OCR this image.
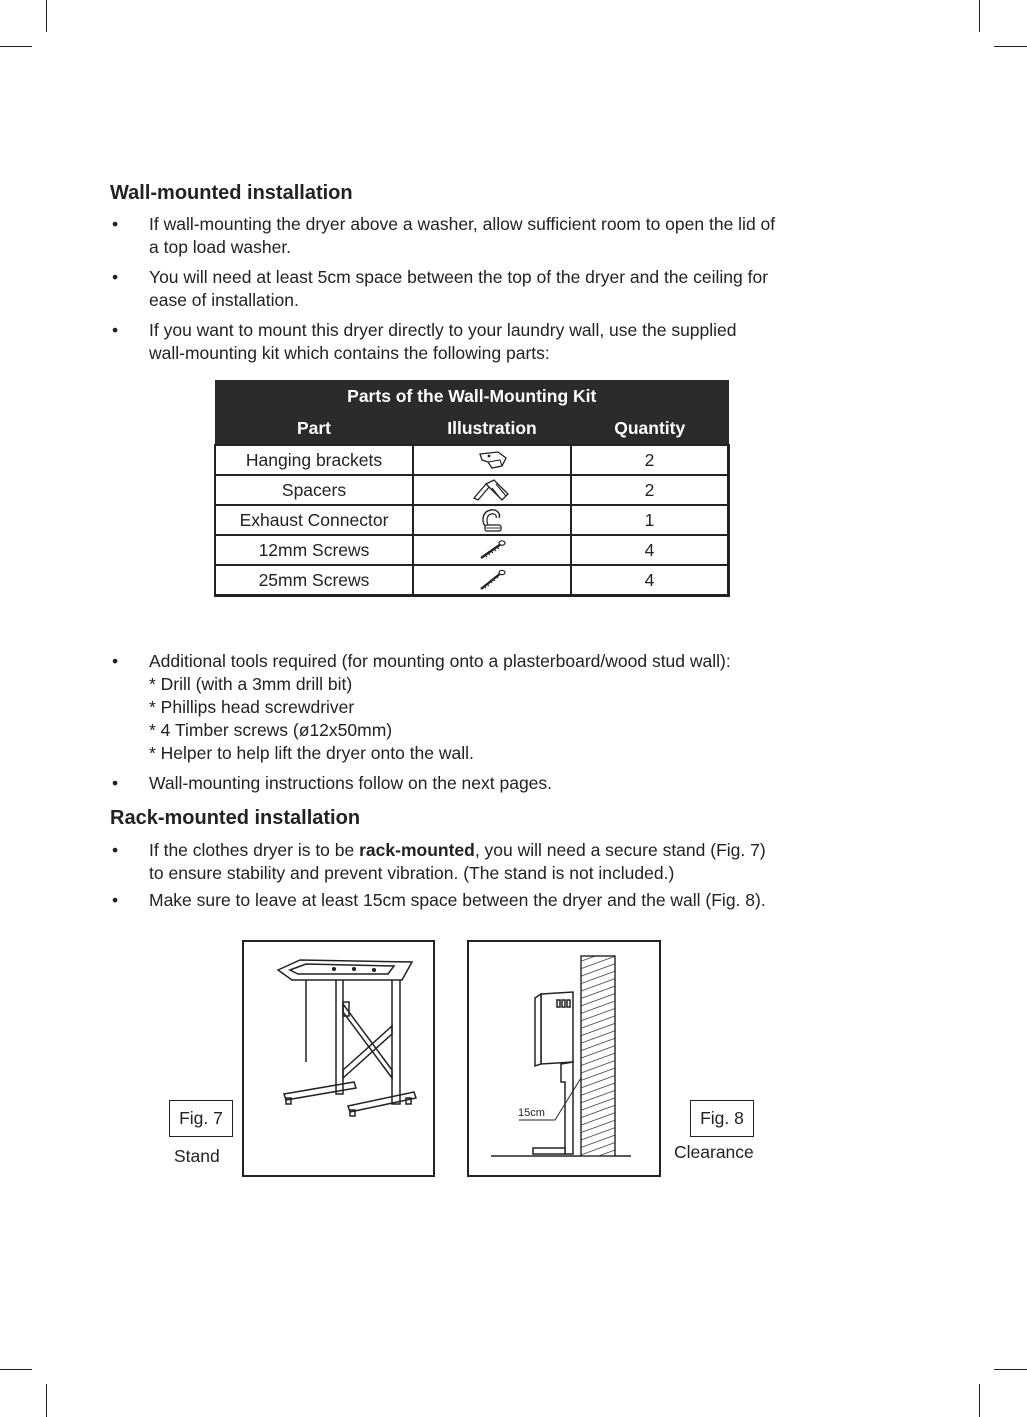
Wall-mounted installation
• If wall-mounting the dryer above a washer, allow sufficient room to open the lid of
a top load washer.
• You will need at least 5cm space between the top of the dryer and the ceiling for
ease of installation.
• If you want to mount this dryer directly to your laundry wall, use the supplied
wall-mounting kit which contains the following parts:
Parts of the Wall-Mounting Kit		
Part	Illustration	Quantity
Hanging brackets		2
Spacers		2
Exhaust Connector		1
12mm Screws		4
25mm Screws		4
• Additional tools required (for mounting onto a plasterboard/wood stud wall):
* Drill (with a 3mm drill bit)
* Phillips head screwdriver
* 4 Timber screws (ø12x50mm)
* Helper to help lift the dryer onto the wall.
• Wall-mounting instructions follow on the next pages.
Rack-mounted installation
• If the clothes dryer is to be rack-mounted, you will need a secure stand (Fig. 7)
to ensure stability and prevent vibration. (The stand is not included.)
• Make sure to leave at least 15cm space between the dryer and the wall (Fig. 8).
Fig. 7
Stand
15cm	Fig. 8
Clearance
